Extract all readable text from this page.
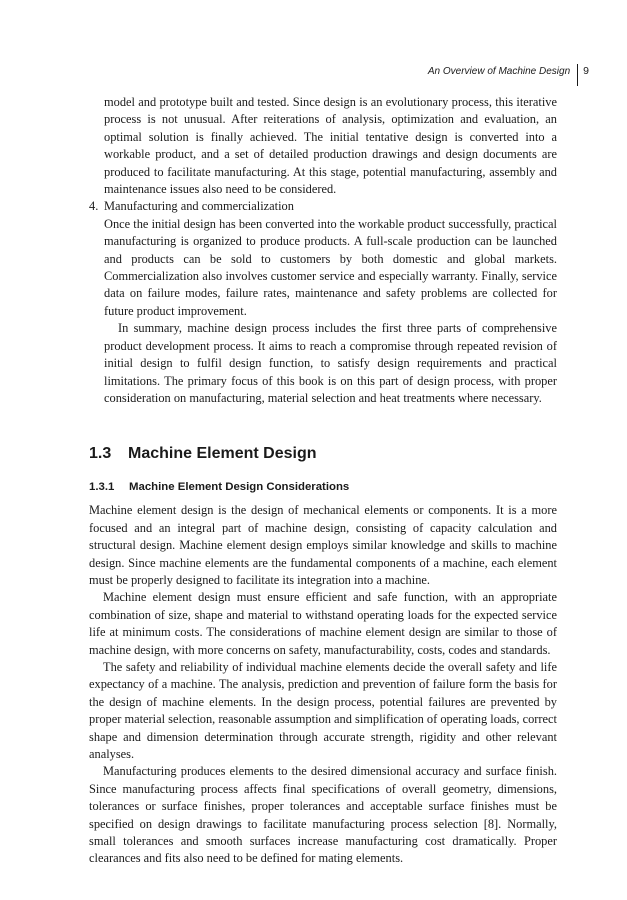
An Overview of Machine Design	9

model and prototype built and tested. Since design is an evolutionary process, this iterative process is not unusual. After reiterations of analysis, optimization and evaluation, an optimal solution is finally achieved. The initial tentative design is converted into a workable product, and a set of detailed production drawings and design documents are produced to facilitate manufacturing. At this stage, potential manufacturing, assembly and maintenance issues also need to be considered.

4. Manufacturing and commercialization

Once the initial design has been converted into the workable product successfully, practical manufacturing is organized to produce products. A full-scale production can be launched and products can be sold to customers by both domestic and global markets. Commercialization also involves customer service and especially warranty. Finally, service data on failure modes, failure rates, maintenance and safety problems are collected for future product improvement.

In summary, machine design process includes the first three parts of comprehensive product development process. It aims to reach a compromise through repeated revision of initial design to fulfil design function, to satisfy design requirements and practical limitations. The primary focus of this book is on this part of design process, with proper consideration on manufacturing, material selection and heat treatments where necessary.

1.3	Machine Element Design
1.3.1	Machine Element Design Considerations

Machine element design is the design of mechanical elements or components. It is a more focused and an integral part of machine design, consisting of capacity calculation and structural design. Machine element design employs similar knowledge and skills to machine design. Since machine elements are the fundamental components of a machine, each element must be properly designed to facilitate its integration into a machine.

Machine element design must ensure efficient and safe function, with an appropriate combination of size, shape and material to withstand operating loads for the expected service life at minimum costs. The considerations of machine element design are similar to those of machine design, with more concerns on safety, manufacturability, costs, codes and standards.

The safety and reliability of individual machine elements decide the overall safety and life expectancy of a machine. The analysis, prediction and prevention of failure form the basis for the design of machine elements. In the design process, potential failures are prevented by proper material selection, reasonable assumption and simplification of operating loads, correct shape and dimension determination through accurate strength, rigidity and other relevant analyses.

Manufacturing produces elements to the desired dimensional accuracy and surface finish. Since manufacturing process affects final specifications of overall geometry, dimensions, tolerances or surface finishes, proper tolerances and acceptable surface finishes must be specified on design drawings to facilitate manufacturing process selection [8]. Normally, small tolerances and smooth surfaces increase manufacturing cost dramatically. Proper clearances and fits also need to be defined for mating elements.
